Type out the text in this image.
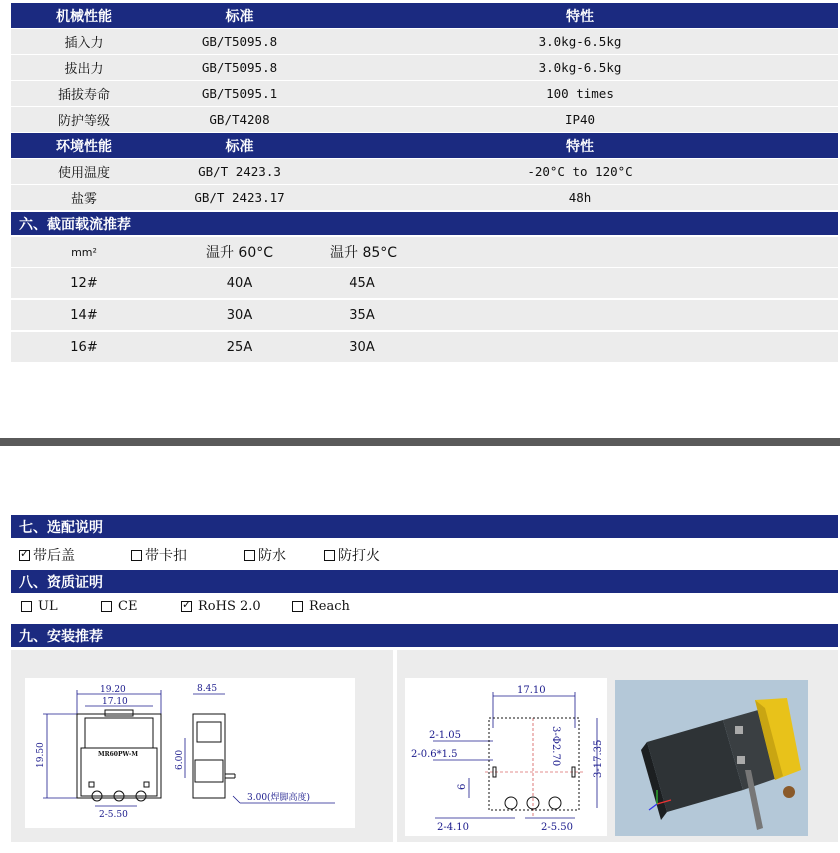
机械性能	标准	特性
插入力	GB/T5095.8	3.0kg-6.5kg
拔出力	GB/T5095.8	3.0kg-6.5kg
插拔寿命	GB/T5095.1	100 times
防护等级	GB/T4208	IP40
环境性能	标准	特性
使用温度	GB/T 2423.3	-20°C to 120°C
盐雾	GB/T 2423.17	48h
六、截面载流推荐
mm²	温升 60°C	温升 85°C
12#	40A	45A
14#	30A	35A
16#	25A	30A
七、选配说明
✓
带后盖	带卡扣	防水	防打火
八、资质证明
UL	CE
✓	RoHS 2.0	Reach
九、安装推荐
19.20
17.10
8.45
19.50	6.00
2-5.50
3.00(焊脚高度)
MR60PW-M
17.10
2-1.05
2-0.6*1.5	3-Φ2.70	3-17.35
6
2-4.10	2-5.50
